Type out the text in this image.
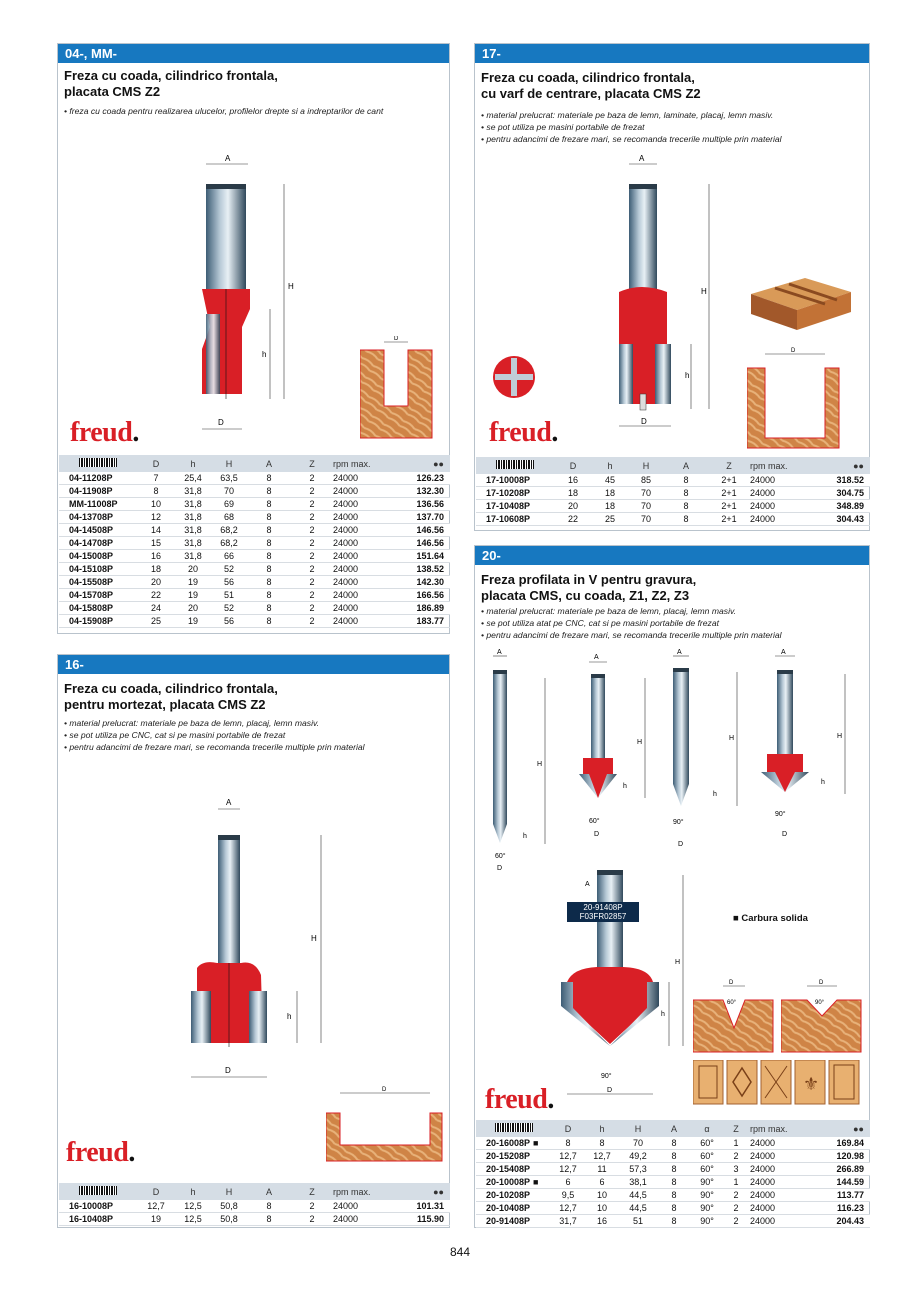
04-, MM-
Freza cu coada, cilindrico frontala,
placata CMS Z2
• freza cu coada pentru realizarea ulucelor, profilelor drepte si a indreptarilor de cant
A
D
H
h
D
freud.
	D	h	H	A	Z	rpm max.	●●
04-11208P	7	25,4	63,5	8	2	24000	126.23
04-11908P	8	31,8	70	8	2	24000	132.30
MM-11008P	10	31,8	69	8	2	24000	136.56
04-13708P	12	31,8	68	8	2	24000	137.70
04-14508P	14	31,8	68,2	8	2	24000	146.56
04-14708P	15	31,8	68,2	8	2	24000	146.56
04-15008P	16	31,8	66	8	2	24000	151.64
04-15108P	18	20	52	8	2	24000	138.52
04-15508P	20	19	56	8	2	24000	142.30
04-15708P	22	19	51	8	2	24000	166.56
04-15808P	24	20	52	8	2	24000	186.89
04-15908P	25	19	56	8	2	24000	183.77
16-
Freza cu coada, cilindrico frontala,
pentru mortezat, placata CMS Z2
• material prelucrat: materiale pe baza de lemn, placaj, lemn masiv.
• se pot utiliza pe CNC, cat si pe masini portabile de frezat
• pentru adancimi de frezare mari, se recomanda trecerile multiple prin material
A
D
H
h
D
freud.
	D	h	H	A	Z	rpm max.	●●
16-10008P	12,7	12,5	50,8	8	2	24000	101.31
16-10408P	19	12,5	50,8	8	2	24000	115.90
17-
Freza cu coada, cilindrico frontala,
cu varf de centrare, placata CMS Z2
• material prelucrat: materiale pe baza de lemn, laminate, placaj, lemn masiv.
• se pot utiliza pe masini portabile de frezat
• pentru adancimi de frezare mari, se recomanda trecerile multiple prin material
A
D
H
h
D
freud.
	D	h	H	A	Z	rpm max.	●●
17-10008P	16	45	85	8	2+1	24000	318.52
17-10208P	18	18	70	8	2+1	24000	304.75
17-10408P	20	18	70	8	2+1	24000	348.89
17-10608P	22	25	70	8	2+1	24000	304.43
20-
Freza profilata in V pentru gravura,
placata CMS, cu coada, Z1, Z2, Z3
• material prelucrat: materiale pe baza de lemn, placaj, lemn masiv.
• se pot utiliza atat pe CNC, cat si pe masini portabile de frezat
• pentru adancimi de frezare mari, se recomanda trecerile multiple prin material
A
60°
D
H
h
A
60°
D
H
h
A
90°
D
H
h
A
90°
D
H
h
A
90°
D
H
h
20-91408P
F03FR02857	■ Carbura solida
D
60°
D
90°
⚜
freud.
	D	h	H	A	α	Z	rpm max.	●●
20-16008P ■	8	8	70	8	60°	1	24000	169.84
20-15208P	12,7	12,7	49,2	8	60°	2	24000	120.98
20-15408P	12,7	11	57,3	8	60°	3	24000	266.89
20-10008P ■	6	6	38,1	8	90°	1	24000	144.59
20-10208P	9,5	10	44,5	8	90°	2	24000	113.77
20-10408P	12,7	10	44,5	8	90°	2	24000	116.23
20-91408P	31,7	16	51	8	90°	2	24000	204.43
844
